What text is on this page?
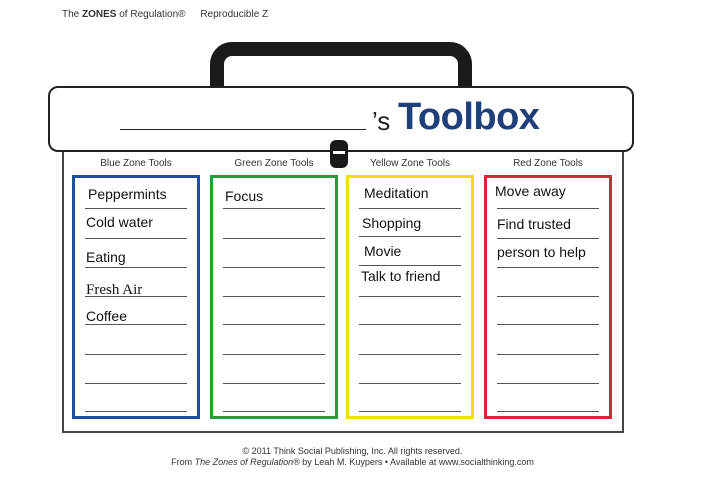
The ZONES of Regulation® Reproducible Z
’s Toolbox
Blue Zone Tools
Peppermints
Cold water
Eating
Fresh Air
Coffee
Green Zone Tools
Focus
Yellow Zone Tools
Meditation
Shopping
Movie
Talk to friend
Red Zone Tools
Move away
Find trusted
person to help
© 2011 Think Social Publishing, Inc. All rights reserved.
From The Zones of Regulation® by Leah M. Kuypers • Available at www.socialthinking.com
